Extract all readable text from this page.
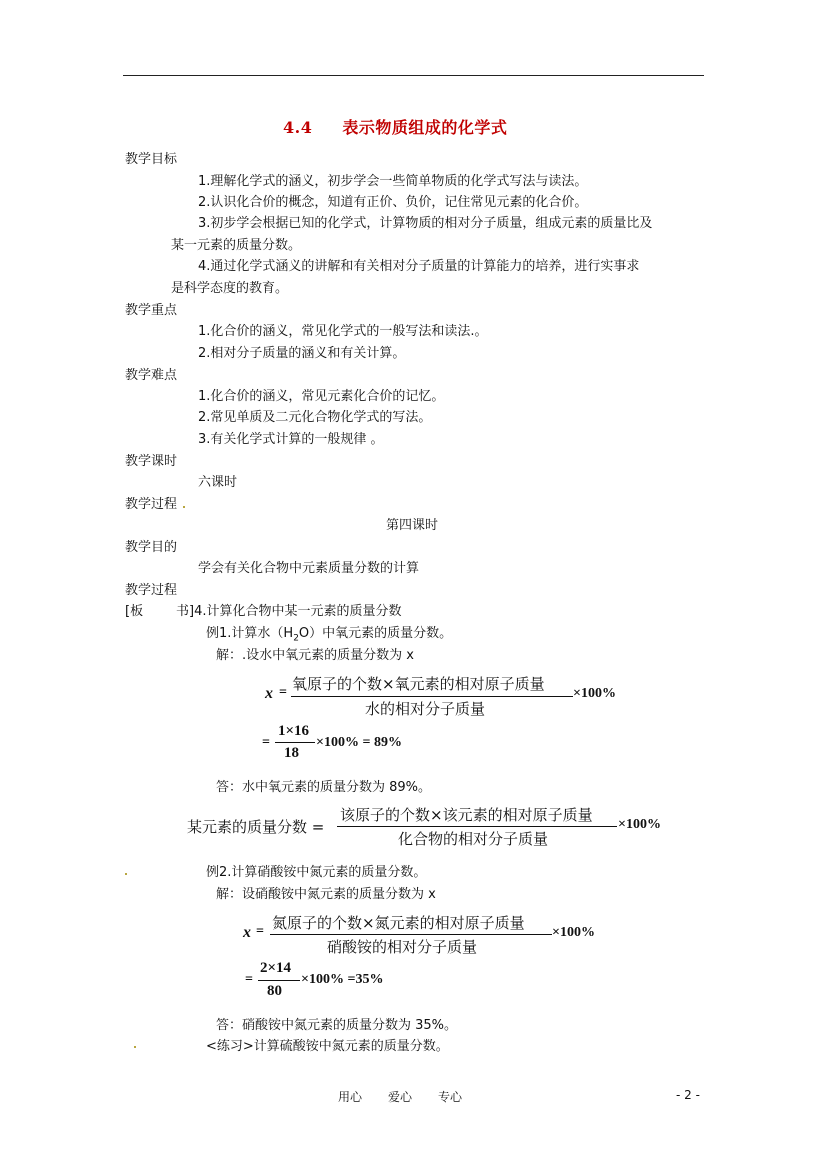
4.4 表示物质组成的化学式
教学目标
1.理解化学式的涵义，初步学会一些简单物质的化学式写法与读法。
2.认识化合价的概念，知道有正价、负价，记住常见元素的化合价。
3.初步学会根据已知的化学式，计算物质的相对分子质量，组成元素的质量比及
某一元素的质量分数。
4.通过化学式涵义的讲解和有关相对分子质量的计算能力的培养，进行实事求
是科学态度的教育。
教学重点
1.化合价的涵义，常见化学式的一般写法和读法.。
2.相对分子质量的涵义和有关计算。
教学难点
1.化合价的涵义，常见元素化合价的记忆。
2.常见单质及二元化合物化学式的写法。
3.有关化学式计算的一般规律 。
教学课时
六课时
教学过程
第四课时
教学目的
学会有关化合物中元素质量分数的计算
教学过程
[板	书]4.计算化合物中某一元素的质量分数
例1.计算水$(H_2O)$中氧元素的质量分数。
解：.设水中氧元素的质量分数为 x
x = 氧原子的个数×氧元素的相对原子质量
水的相对分子质量
×100%
=
1×16
18
×100% = 89%
答：水中氧元素的质量分数为 89%。
某元素的质量分数 =
该原子的个数×该元素的相对原子质量
化合物的相对分子质量
×100%
例2.计算硝酸铵中氮元素的质量分数。
解：设硝酸铵中氮元素的质量分数为 x
x = 氮原子的个数×氮元素的相对原子质量
硝酸铵的相对分子质量
×100%
=
2×14
80
×100% =35%
答：硝酸铵中氮元素的质量分数为 35%。
<练习>计算硫酸铵中氮元素的质量分数。
用心 爱心 专心	- 2 -
